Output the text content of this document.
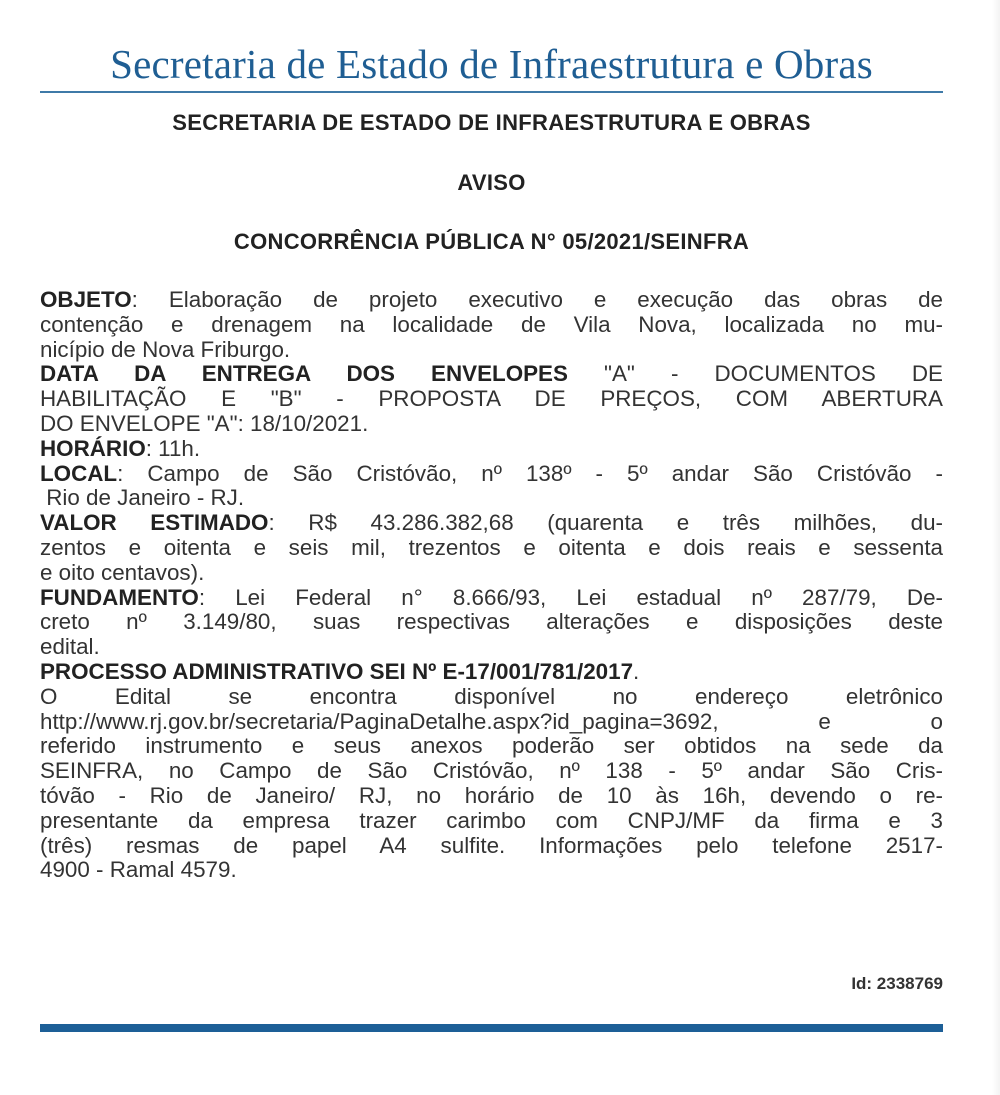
Secretaria de Estado de Infraestrutura e Obras
SECRETARIA DE ESTADO DE INFRAESTRUTURA E OBRAS
AVISO
CONCORRÊNCIA PÚBLICA N° 05/2021/SEINFRA
OBJETO: Elaboração de projeto executivo e execução das obras de
contenção e drenagem na localidade de Vila Nova, localizada no mu-
nicípio de Nova Friburgo.
DATA DA ENTREGA DOS ENVELOPES "A" - DOCUMENTOS DE
HABILITAÇÃO E "B" - PROPOSTA DE PREÇOS, COM ABERTURA
DO ENVELOPE "A": 18/10/2021.
HORÁRIO: 11h.
LOCAL: Campo de São Cristóvão, nº 138º - 5º andar São Cristóvão -
Rio de Janeiro - RJ.
VALOR ESTIMADO: R$ 43.286.382,68 (quarenta e três milhões, du-
zentos e oitenta e seis mil, trezentos e oitenta e dois reais e sessenta
e oito centavos).
FUNDAMENTO: Lei Federal n° 8.666/93, Lei estadual nº 287/79, De-
creto nº 3.149/80, suas respectivas alterações e disposições deste
edital.
PROCESSO ADMINISTRATIVO SEI Nº E-17/001/781/2017.
O Edital se encontra disponível no endereço eletrônico
http://www.rj.gov.br/secretaria/PaginaDetalhe.aspx?id_pagina=3692, e o
referido instrumento e seus anexos poderão ser obtidos na sede da
SEINFRA, no Campo de São Cristóvão, nº 138 - 5º andar São Cris-
tóvão - Rio de Janeiro/ RJ, no horário de 10 às 16h, devendo o re-
presentante da empresa trazer carimbo com CNPJ/MF da firma e 3
(três) resmas de papel A4 sulfite. Informações pelo telefone 2517-
4900 - Ramal 4579.
Id: 2338769
